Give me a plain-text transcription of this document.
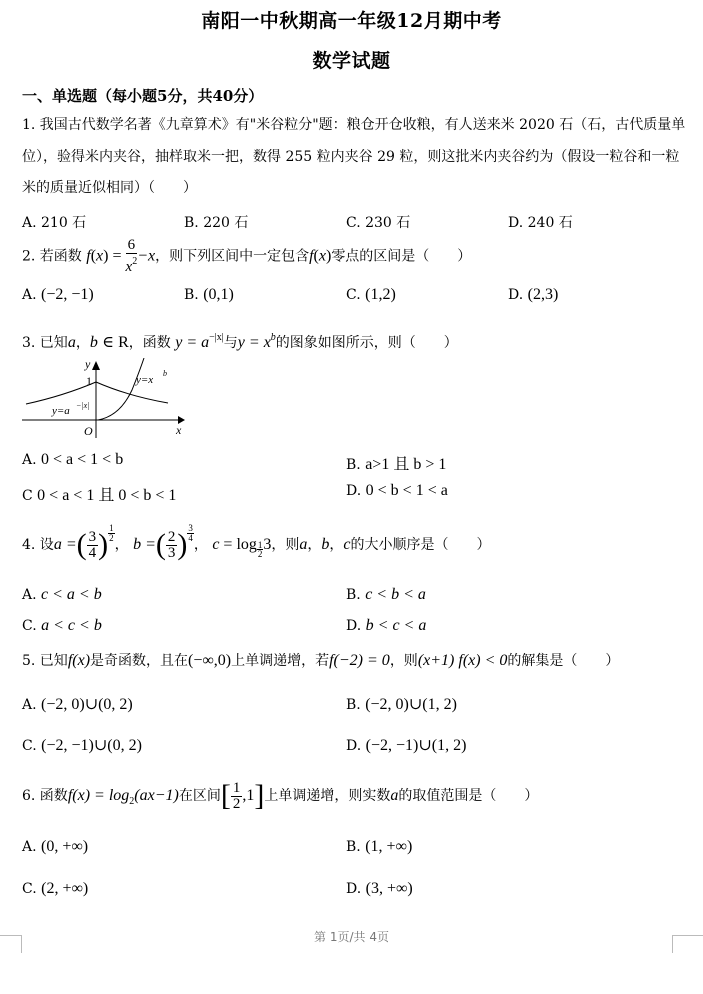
南阳一中秋期高一年级12月期中考
数学试题
一、单选题（每小题5分，共40分）
1. 我国古代数学名著《九章算术》有"米谷粒分"题：粮仓开仓收粮，有人送来米 2020 石（石，古代质量单
位），验得米内夹谷，抽样取米一把，数得 255 粒内夹谷 29 粒，则这批米内夹谷约为（假设一粒谷和一粒
米的质量近似相同）（　　）
A. 210 石	B. 220 石	C. 230 石	D. 240 石
2. 若函数 $f(x) = \frac{6}{x^2} -x$，则下列区间中一定包含f(x)零点的区间是（　　）
A. (−2, −1)	B. (0,1)	C. (1,2)	D. (2,3)
3. 已知a，b ∈ R，函数 $y = a^{-|x|}$与$y = x^b$的图象如图所示，则（　　）
y
1
O	x
y=a −|x|
y=x
b
A. 0 < a < 1 < b	B. a>1 且 b > 1
C 0 < a < 1 且 0 < b < 1	D. 0 < b < 1 < a
4. 设a =( $\frac{3}{4}$ ) $\frac{1}{2}$
， b =( $\frac{2}{3}$ ) $\frac{3}{4}$
， $c = \log \frac{1}{2} 3$，则a，b，c的大小顺序是（　　）
A. c < a < b	B. c < b < a
C. a < c < b	D. b < c < a
5. 已知f(x)是奇函数，且在(−∞,0)上单调递增，若f(−2) = 0，则(x+1) f(x) < 0的解集是（　　）
A. (−2, 0)∪(0, 2)	B. (−2, 0)∪(1, 2)
C. (−2, −1)∪(0, 2)	D. (−2, −1)∪(1, 2)
6. 函数$f(x) = \log_2(ax-1)$在区间[ $\frac{1}{2} ,1$]上单调递增，则实数a的取值范围是（　　）
A. (0, +∞)	B. (1, +∞)
C. (2, +∞)	D. (3, +∞)
第 1页/共 4页
